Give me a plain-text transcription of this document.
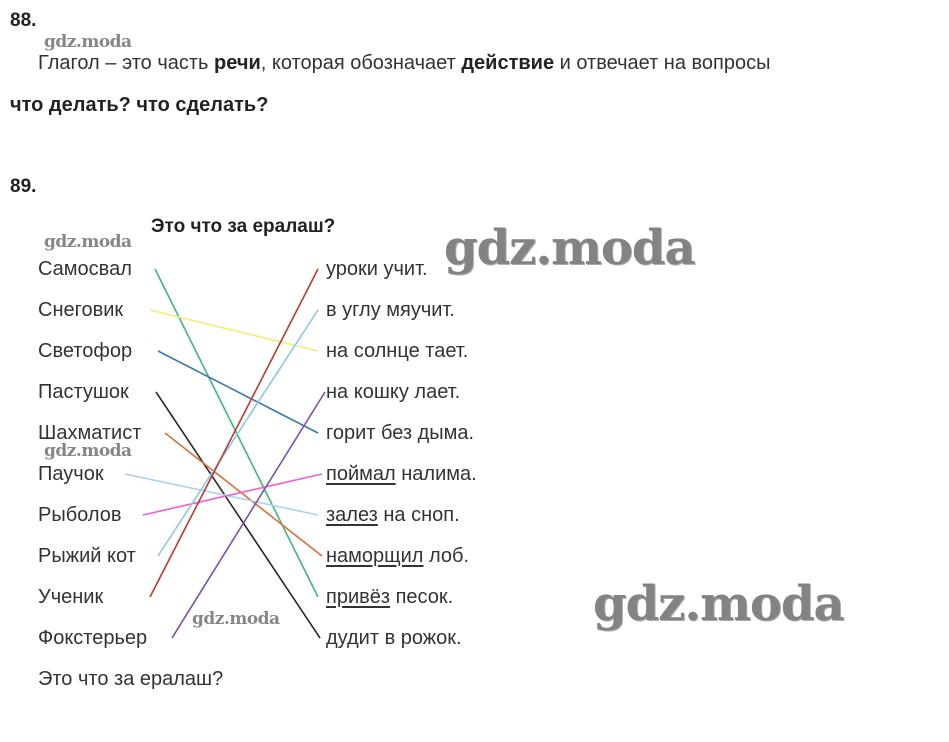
88.
Глагол – это часть речи, которая обозначает действие и отвечает на вопросы
что делать? что сделать?
89.
Это что за ералаш?
Самосвал
Снеговик
Светофор
Пастушок
Шахматист
Паучок
Рыболов
Рыжий кот
Ученик
Фокстерьер
уроки учит.
в углу мяучит.
на солнце тает.
на кошку лает.
горит без дыма.
поймал налима.
залез на сноп.
наморщил лоб.
привёз песок.
дудит в рожок.
Это что за ералаш?
gdz.moda
gdz.moda
gdz.moda
gdz.moda
gdz.moda
gdz.moda
